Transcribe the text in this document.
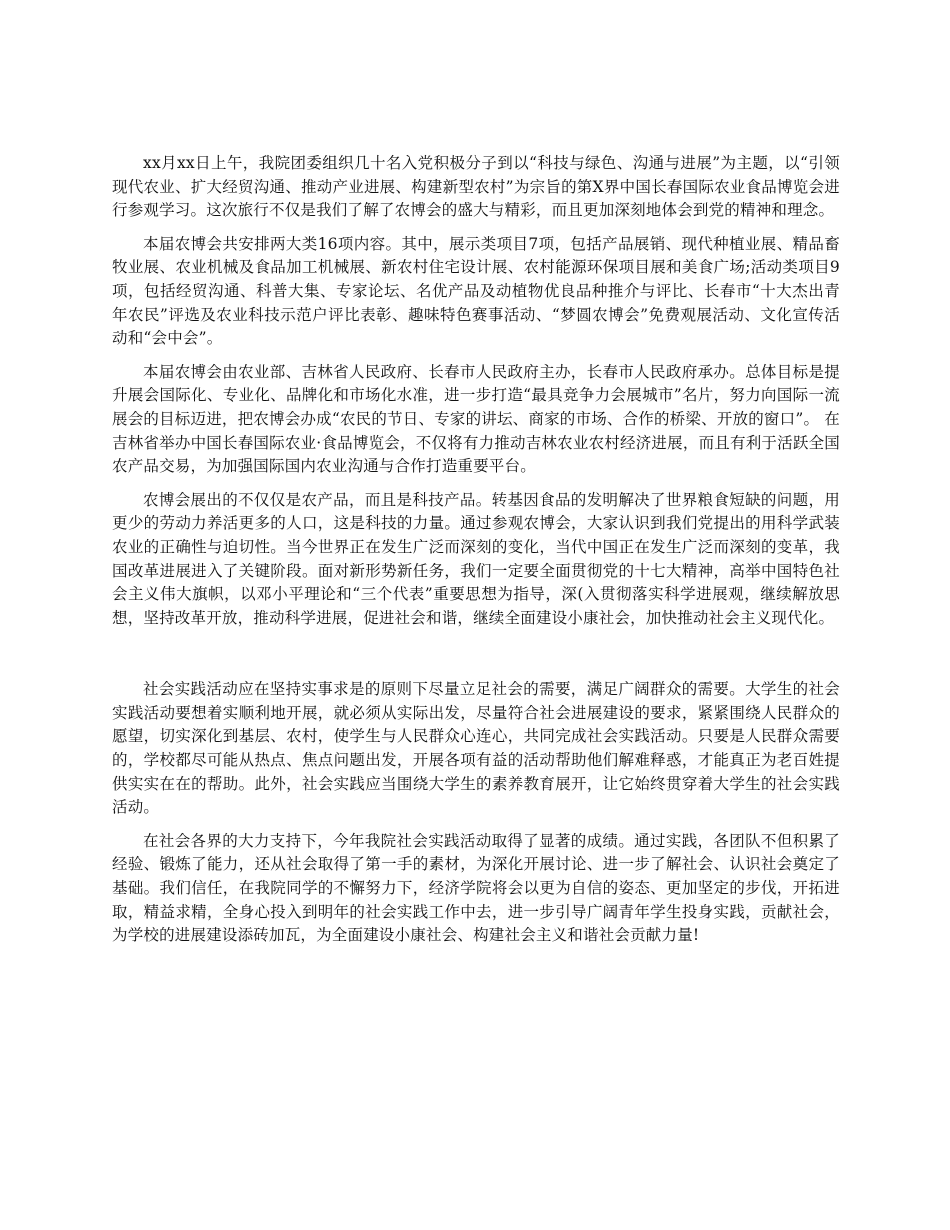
xx月xx日上午，我院团委组织几十名入党积极分子到以“科技与绿色、沟通与进展”为主题，以“引领现代农业、扩大经贸沟通、推动产业进展、构建新型农村”为宗旨的第X界中国长春国际农业食品博览会进行参观学习。这次旅行不仅是我们了解了农博会的盛大与精彩，而且更加深刻地体会到党的精神和理念。

本届农博会共安排两大类16项内容。其中，展示类项目7项，包括产品展销、现代种植业展、精品畜牧业展、农业机械及食品加工机械展、新农村住宅设计展、农村能源环保项目展和美食广场;活动类项目9项，包括经贸沟通、科普大集、专家论坛、名优产品及动植物优良品种推介与评比、长春市“十大杰出青年农民”评选及农业科技示范户评比表彰、趣味特色赛事活动、“梦圆农博会”免费观展活动、文化宣传活动和“会中会”。

本届农博会由农业部、吉林省人民政府、长春市人民政府主办，长春市人民政府承办。总体目标是提升展会国际化、专业化、品牌化和市场化水准，进一步打造“最具竞争力会展城市”名片，努力向国际一流展会的目标迈进，把农博会办成“农民的节日、专家的讲坛、商家的市场、合作的桥梁、开放的窗口”。 在吉林省举办中国长春国际农业·食品博览会，不仅将有力推动吉林农业农村经济进展，而且有利于活跃全国农产品交易，为加强国际国内农业沟通与合作打造重要平台。

农博会展出的不仅仅是农产品，而且是科技产品。转基因食品的发明解决了世界粮食短缺的问题，用更少的劳动力养活更多的人口，这是科技的力量。通过参观农博会，大家认识到我们党提出的用科学武装农业的正确性与迫切性。当今世界正在发生广泛而深刻的变化，当代中国正在发生广泛而深刻的变革，我国改革进展进入了关键阶段。面对新形势新任务，我们一定要全面贯彻党的十七大精神，高举中国特色社会主义伟大旗帜，以邓小平理论和“三个代表”重要思想为指导，深(入贯彻落实科学进展观，继续解放思想，坚持改革开放，推动科学进展，促进社会和谐，继续全面建设小康社会，加快推动社会主义现代化。

社会实践活动应在坚持实事求是的原则下尽量立足社会的需要，满足广阔群众的需要。大学生的社会实践活动要想着实顺利地开展，就必须从实际出发，尽量符合社会进展建设的要求，紧紧围绕人民群众的愿望，切实深化到基层、农村，使学生与人民群众心连心，共同完成社会实践活动。只要是人民群众需要的，学校都尽可能从热点、焦点问题出发，开展各项有益的活动帮助他们解难释惑，才能真正为老百姓提供实实在在的帮助。此外，社会实践应当围绕大学生的素养教育展开，让它始终贯穿着大学生的社会实践活动。

在社会各界的大力支持下，今年我院社会实践活动取得了显著的成绩。通过实践，各团队不但积累了经验、锻炼了能力，还从社会取得了第一手的素材，为深化开展讨论、进一步了解社会、认识社会奠定了基础。我们信任，在我院同学的不懈努力下，经济学院将会以更为自信的姿态、更加坚定的步伐，开拓进取，精益求精，全身心投入到明年的社会实践工作中去，进一步引导广阔青年学生投身实践，贡献社会，为学校的进展建设添砖加瓦，为全面建设小康社会、构建社会主义和谐社会贡献力量!
